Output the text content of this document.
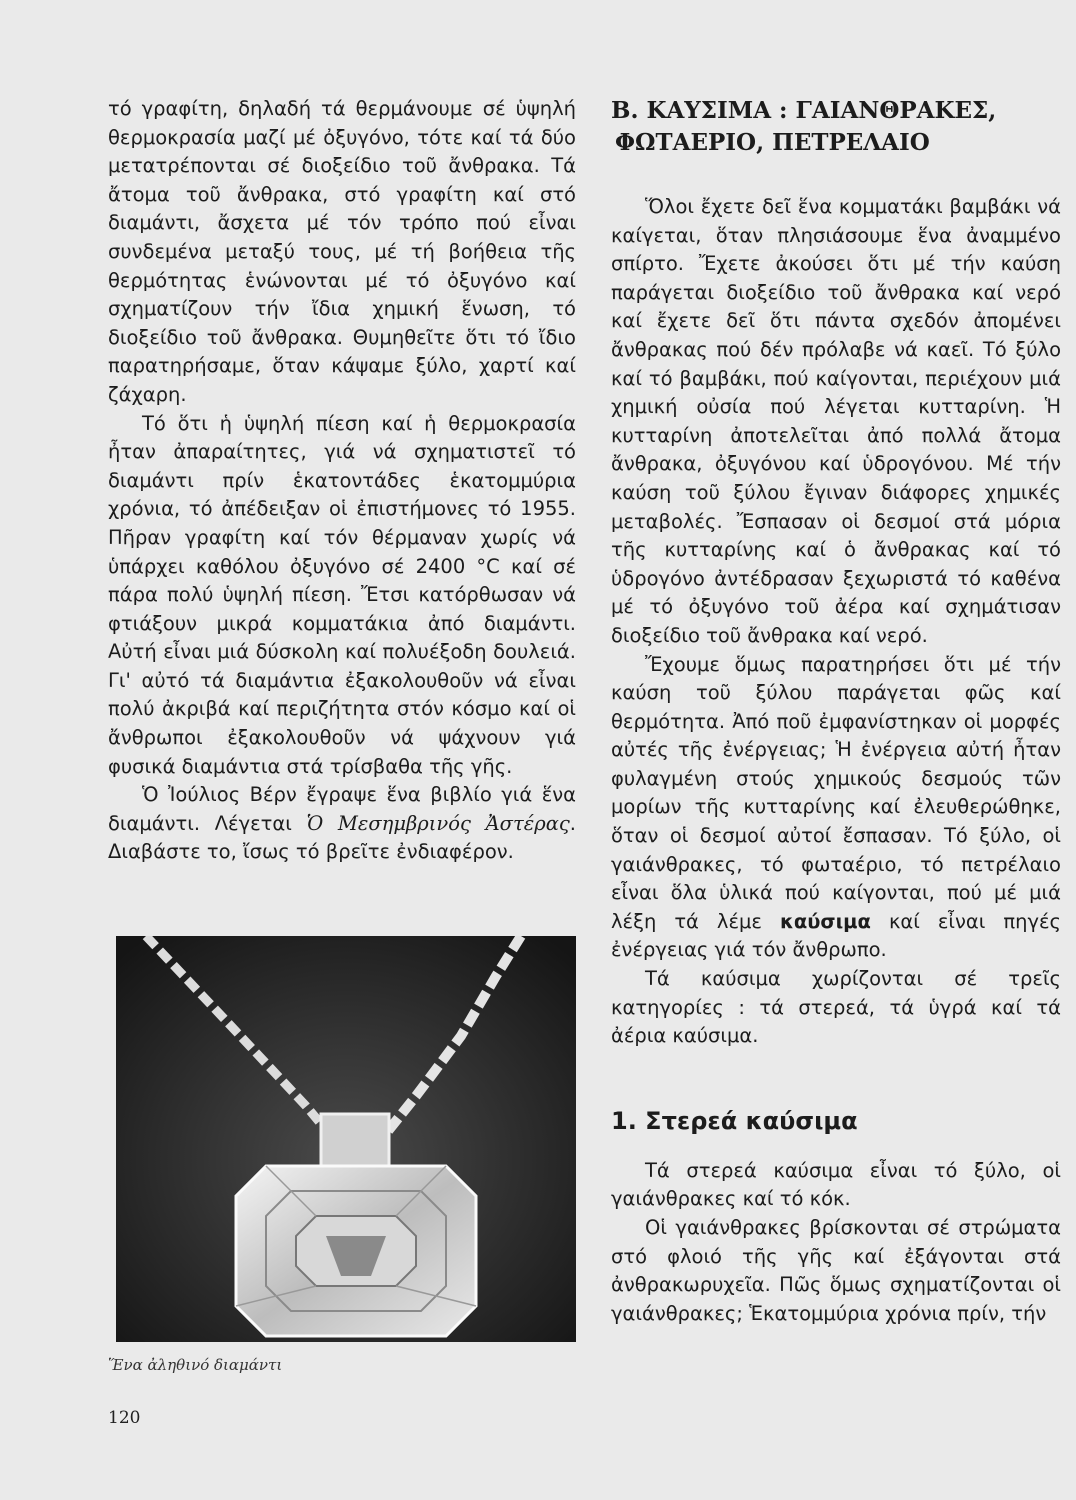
τό γραφίτη, δηλαδή τά θερμάνουμε σέ ὑψηλή θερμοκρασία μαζί μέ ὀξυγόνο, τότε καί τά δύο μετατρέπονται σέ διοξείδιο τοῦ ἄνθρακα. Τά ἄτομα τοῦ ἄνθρακα, στό γραφίτη καί στό διαμάντι, ἄσχετα μέ τόν τρόπο πού εἶναι συνδεμένα μεταξύ τους, μέ τή βοήθεια τῆς θερμότητας ἑνώνονται μέ τό ὀξυγόνο καί σχηματίζουν τήν ἴδια χημική ἕνωση, τό διοξείδιο τοῦ ἄνθρακα. Θυμηθεῖτε ὅτι τό ἴδιο παρατηρήσαμε, ὅταν κάψαμε ξύλο, χαρτί καί ζάχαρη.

Τό ὅτι ἡ ὑψηλή πίεση καί ἡ θερμοκρασία ἦταν ἀπαραίτητες, γιά νά σχηματιστεῖ τό διαμάντι πρίν ἑκατοντάδες ἑκατομμύρια χρόνια, τό ἀπέδειξαν οἱ ἐπιστήμονες τό 1955. Πῆραν γραφίτη καί τόν θέρμαναν χωρίς νά ὑπάρχει καθόλου ὀξυγόνο σέ 2400 °C καί σέ πάρα πολύ ὑψηλή πίεση. Ἔτσι κατόρθωσαν νά φτιάξουν μικρά κομματάκια ἀπό διαμάντι. Αὐτή εἶναι μιά δύσκολη καί πολυέξοδη δουλειά. Γι' αὐτό τά διαμάντια ἐξακολουθοῦν νά εἶναι πολύ ἀκριβά καί περιζήτητα στόν κόσμο καί οἱ ἄνθρωποι ἐξακολουθοῦν νά ψάχνουν γιά φυσικά διαμάντια στά τρίσβαθα τῆς γῆς.

Ὁ Ἰούλιος Βέρν ἔγραψε ἕνα βιβλίο γιά ἕνα διαμάντι. Λέγεται Ὁ Μεσημβρινός Ἀστέρας. Διαβάστε το, ἴσως τό βρεῖτε ἐνδιαφέρον.

Ἕνα ἀληθινό διαμάντι
Β. ΚΑΥΣΙΜΑ : ΓΑΙΑΝΘΡΑΚΕΣ,
ΦΩΤΑΕΡΙΟ, ΠΕΤΡΕΛΑΙΟ

Ὅλοι ἔχετε δεῖ ἕνα κομματάκι βαμβάκι νά καίγεται, ὅταν πλησιάσουμε ἕνα ἀναμμένο σπίρτο. Ἔχετε ἀκούσει ὅτι μέ τήν καύση παράγεται διοξείδιο τοῦ ἄνθρακα καί νερό καί ἔχετε δεῖ ὅτι πάντα σχεδόν ἀπομένει ἄνθρακας πού δέν πρόλαβε νά καεῖ. Τό ξύλο καί τό βαμβάκι, πού καίγονται, περιέχουν μιά χημική οὐσία πού λέγεται κυτταρίνη. Ἡ κυτταρίνη ἀποτελεῖται ἀπό πολλά ἄτομα ἄνθρακα, ὀξυγόνου καί ὑδρογόνου. Μέ τήν καύση τοῦ ξύλου ἔγιναν διάφορες χημικές μεταβολές. Ἔσπασαν οἱ δεσμοί στά μόρια τῆς κυτταρίνης καί ὁ ἄνθρακας καί τό ὑδρογόνο ἀντέδρασαν ξεχωριστά τό καθένα μέ τό ὀξυγόνο τοῦ ἀέρα καί σχημάτισαν διοξείδιο τοῦ ἄνθρακα καί νερό.

Ἔχουμε ὅμως παρατηρήσει ὅτι μέ τήν καύση τοῦ ξύλου παράγεται φῶς καί θερμότητα. Ἀπό ποῦ ἐμφανίστηκαν οἱ μορφές αὐτές τῆς ἐνέργειας; Ἡ ἐνέργεια αὐτή ἦταν φυλαγμένη στούς χημικούς δεσμούς τῶν μορίων τῆς κυτταρίνης καί ἐλευθερώθηκε, ὅταν οἱ δεσμοί αὐτοί ἔσπασαν. Τό ξύλο, οἱ γαιάνθρακες, τό φωταέριο, τό πετρέλαιο εἶναι ὅλα ὑλικά πού καίγονται, πού μέ μιά λέξη τά λέμε καύσιμα καί εἶναι πηγές ἐνέργειας γιά τόν ἄνθρωπο.

Τά καύσιμα χωρίζονται σέ τρεῖς κατηγορίες : τά στερεά, τά ὑγρά καί τά ἀέρια καύσιμα.

1. Στερεά καύσιμα

Τά στερεά καύσιμα εἶναι τό ξύλο, οἱ γαιάνθρακες καί τό κόκ.

Οἱ γαιάνθρακες βρίσκονται σέ στρώματα στό φλοιό τῆς γῆς καί ἐξάγονται στά ἀνθρακωρυχεῖα. Πῶς ὅμως σχηματίζονται οἱ γαιάνθρακες; Ἑκατομμύρια χρόνια πρίν, τήν

120
